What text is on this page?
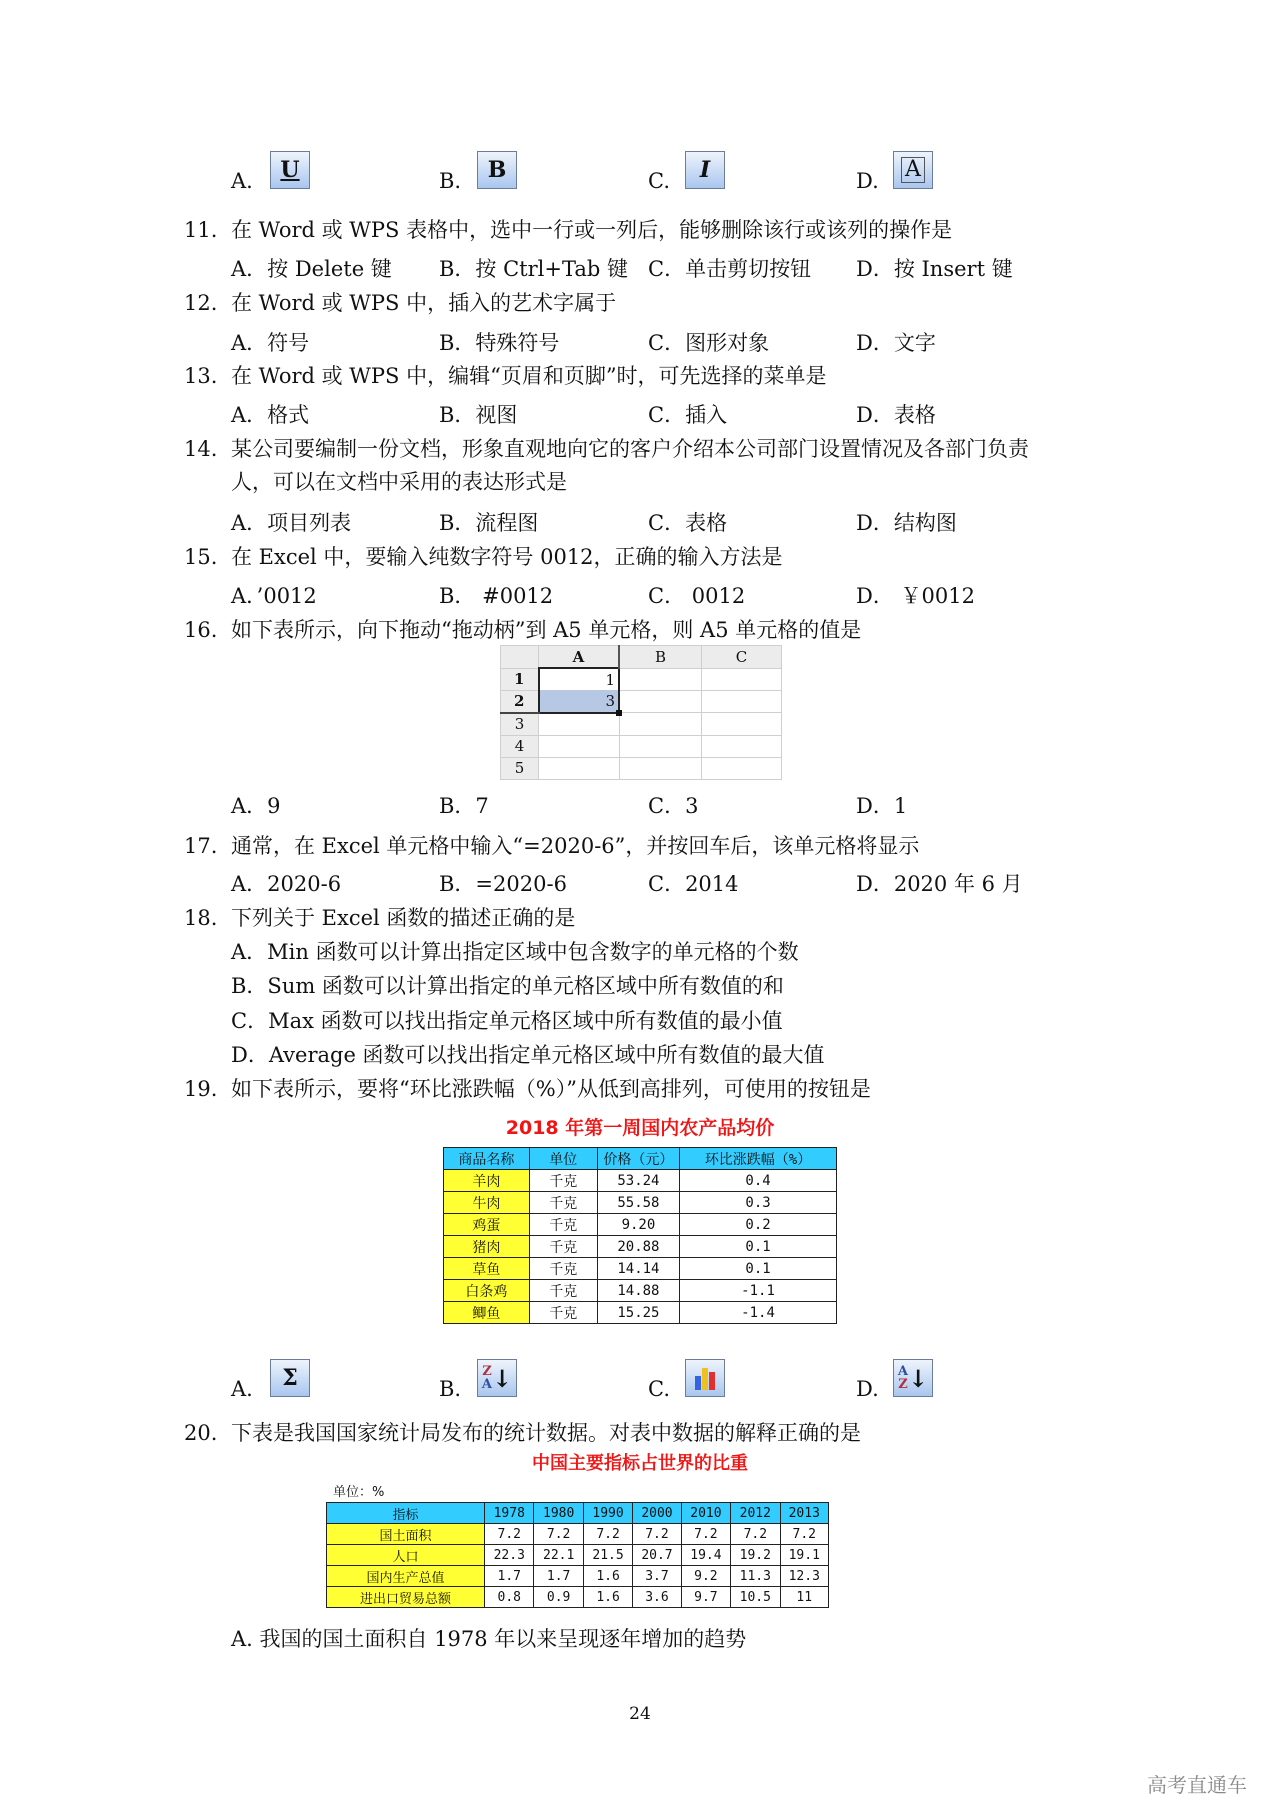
11. 在 Word 或 WPS 表格中，选中一行或一列后，能够删除该行或该列的操作是
A．按 Delete 键 B．按 Ctrl+Tab 键 C．单击剪切按钮 D．按 Insert 键
12. 在 Word 或 WPS 中，插入的艺术字属于
A．符号	B．特殊符号	C．图形对象	D．文字
13. 在 Word 或 WPS 中，编辑“页眉和页脚”时，可先选择的菜单是
A．格式	B．视图	C．插入	D．表格
14. 某公司要编制一份文档，形象直观地向它的客户介绍本公司部门设置情况及各部门负责
人，可以在文档中采用的表达形式是
A．项目列表	B．流程图	C．表格	D．结构图
15. 在 Excel 中，要输入纯数字符号 0012，正确的输入方法是
A．’0012	B． #0012	C． 0012	D． ￥0012
16. 如下表所示，向下拖动“拖动柄”到 A5 单元格，则 A5 单元格的值是
A．9	B．7	C．3	D．1
17. 通常，在 Excel 单元格中输入“=2020-6”，并按回车后，该单元格将显示
A．2020-6	B．=2020-6	C．2014	D．2020 年 6 月
19. 如下表所示，要将“环比涨跌幅（%）”从低到高排列，可使用的按钮是
20. 下表是我国国家统计局发布的统计数据。对表中数据的解释正确的是
18. 下列关于 Excel 函数的描述正确的是
A．Min 函数可以计算出指定区域中包含数字的单元格的个数
B．Sum 函数可以计算出指定的单元格区域中所有数值的和
C．Max 函数可以找出指定单元格区域中所有数值的最小值
D．Average 函数可以找出指定单元格区域中所有数值的最大值
A. 我国的国土面积自 1978 年以来呈现逐年增加的趋势
A.	U	B.	B	C.	I	D. A
	A	B	C
1	1		
2	3

3			
4			
5			
2018 年第一周国内农产品均价
商品名称	单位	价格（元）	环比涨跌幅（%）
羊肉	千克	53.24	0.4
牛肉	千克	55.58	0.3
鸡蛋	千克	9.20	0.2
猪肉	千克	20.88	0.1
草鱼	千克	14.14	0.1
白条鸡	千克	14.88	-1.1
鲫鱼	千克	15.25	-1.4
A.	Σ	B.
Z
A ↓	C.	D.
A
Z ↓
中国主要指标占世界的比重
单位：%
指标	1978	1980	1990	2000	2010	2012	2013
国土面积	7.2	7.2	7.2	7.2	7.2	7.2	7.2
人口	22.3	22.1	21.5	20.7	19.4	19.2	19.1
国内生产总值	1.7	1.7	1.6	3.7	9.2	11.3	12.3
进出口贸易总额	0.8	0.9	1.6	3.6	9.7	10.5	11
24
高考直通车
